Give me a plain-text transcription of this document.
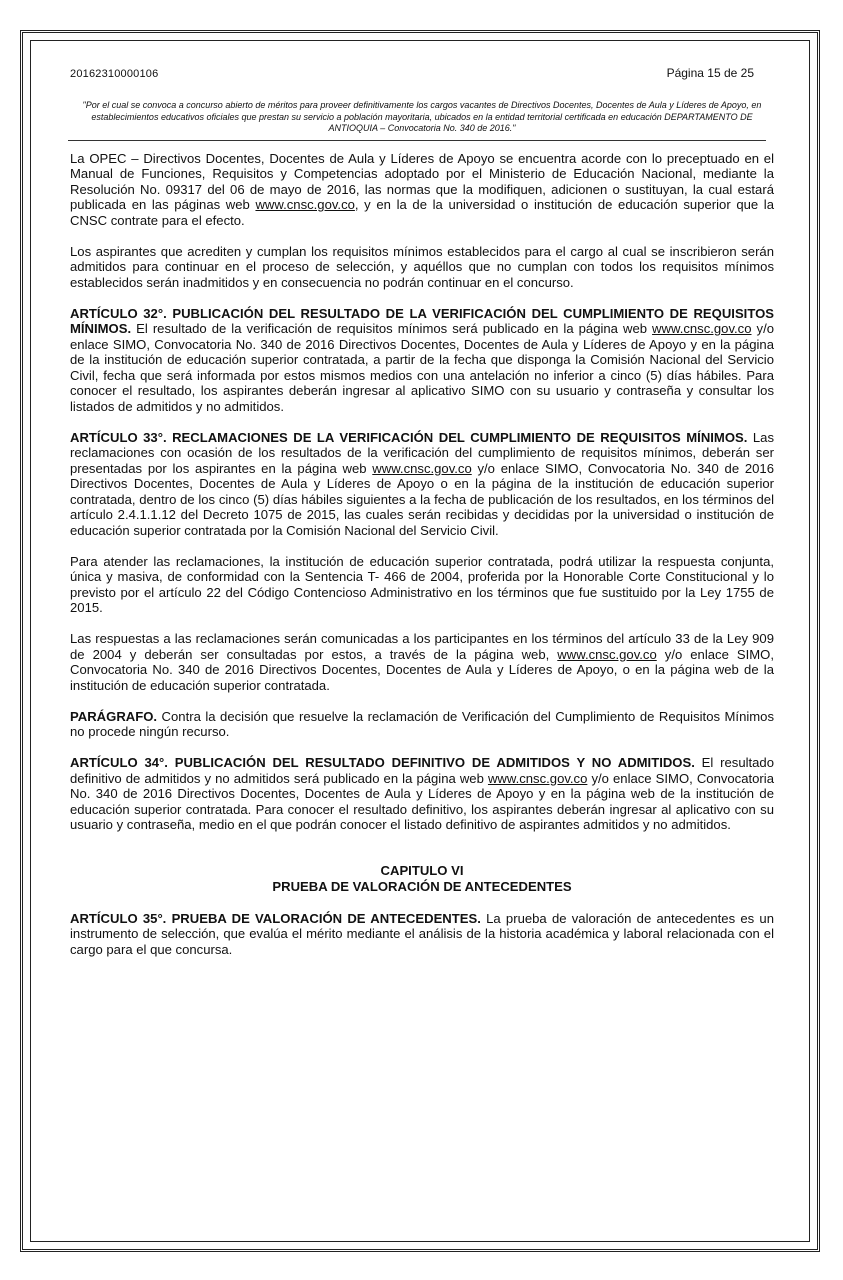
20162310000106	Página 15 de 25
"Por el cual se convoca a concurso abierto de méritos para proveer definitivamente los cargos vacantes de Directivos Docentes, Docentes de Aula y Líderes de Apoyo, en establecimientos educativos oficiales que prestan su servicio a población mayoritaria, ubicados en la entidad territorial certificada en educación DEPARTAMENTO DE ANTIOQUIA – Convocatoria No. 340 de 2016."

La OPEC – Directivos Docentes, Docentes de Aula y Líderes de Apoyo se encuentra acorde con lo preceptuado en el Manual de Funciones, Requisitos y Competencias adoptado por el Ministerio de Educación Nacional, mediante la Resolución No. 09317 del 06 de mayo de 2016, las normas que la modifiquen, adicionen o sustituyan, la cual estará publicada en las páginas web www.cnsc.gov.co, y en la de la universidad o institución de educación superior que la CNSC contrate para el efecto.

Los aspirantes que acrediten y cumplan los requisitos mínimos establecidos para el cargo al cual se inscribieron serán admitidos para continuar en el proceso de selección, y aquéllos que no cumplan con todos los requisitos mínimos establecidos serán inadmitidos y en consecuencia no podrán continuar en el concurso.

ARTÍCULO 32°. PUBLICACIÓN DEL RESULTADO DE LA VERIFICACIÓN DEL CUMPLIMIENTO DE REQUISITOS MÍNIMOS. El resultado de la verificación de requisitos mínimos será publicado en la página web www.cnsc.gov.co y/o enlace SIMO, Convocatoria No. 340 de 2016 Directivos Docentes, Docentes de Aula y Líderes de Apoyo y en la página de la institución de educación superior contratada, a partir de la fecha que disponga la Comisión Nacional del Servicio Civil, fecha que será informada por estos mismos medios con una antelación no inferior a cinco (5) días hábiles. Para conocer el resultado, los aspirantes deberán ingresar al aplicativo SIMO con su usuario y contraseña y consultar los listados de admitidos y no admitidos.

ARTÍCULO 33°. RECLAMACIONES DE LA VERIFICACIÓN DEL CUMPLIMIENTO DE REQUISITOS MÍNIMOS. Las reclamaciones con ocasión de los resultados de la verificación del cumplimiento de requisitos mínimos, deberán ser presentadas por los aspirantes en la página web www.cnsc.gov.co y/o enlace SIMO, Convocatoria No. 340 de 2016 Directivos Docentes, Docentes de Aula y Líderes de Apoyo o en la página de la institución de educación superior contratada, dentro de los cinco (5) días hábiles siguientes a la fecha de publicación de los resultados, en los términos del artículo 2.4.1.1.12 del Decreto 1075 de 2015, las cuales serán recibidas y decididas por la universidad o institución de educación superior contratada por la Comisión Nacional del Servicio Civil.

Para atender las reclamaciones, la institución de educación superior contratada, podrá utilizar la respuesta conjunta, única y masiva, de conformidad con la Sentencia T- 466 de 2004, proferida por la Honorable Corte Constitucional y lo previsto por el artículo 22 del Código Contencioso Administrativo en los términos que fue sustituido por la Ley 1755 de 2015.

Las respuestas a las reclamaciones serán comunicadas a los participantes en los términos del artículo 33 de la Ley 909 de 2004 y deberán ser consultadas por estos, a través de la página web, www.cnsc.gov.co y/o enlace SIMO, Convocatoria No. 340 de 2016 Directivos Docentes, Docentes de Aula y Líderes de Apoyo, o en la página web de la institución de educación superior contratada.

PARÁGRAFO. Contra la decisión que resuelve la reclamación de Verificación del Cumplimiento de Requisitos Mínimos no procede ningún recurso.

ARTÍCULO 34°. PUBLICACIÓN DEL RESULTADO DEFINITIVO DE ADMITIDOS Y NO ADMITIDOS. El resultado definitivo de admitidos y no admitidos será publicado en la página web www.cnsc.gov.co y/o enlace SIMO, Convocatoria No. 340 de 2016 Directivos Docentes, Docentes de Aula y Líderes de Apoyo y en la página web de la institución de educación superior contratada. Para conocer el resultado definitivo, los aspirantes deberán ingresar al aplicativo con su usuario y contraseña, medio en el que podrán conocer el listado definitivo de aspirantes admitidos y no admitidos.

CAPITULO VI
PRUEBA DE VALORACIÓN DE ANTECEDENTES

ARTÍCULO 35°. PRUEBA DE VALORACIÓN DE ANTECEDENTES. La prueba de valoración de antecedentes es un instrumento de selección, que evalúa el mérito mediante el análisis de la historia académica y laboral relacionada con el cargo para el que concursa.
